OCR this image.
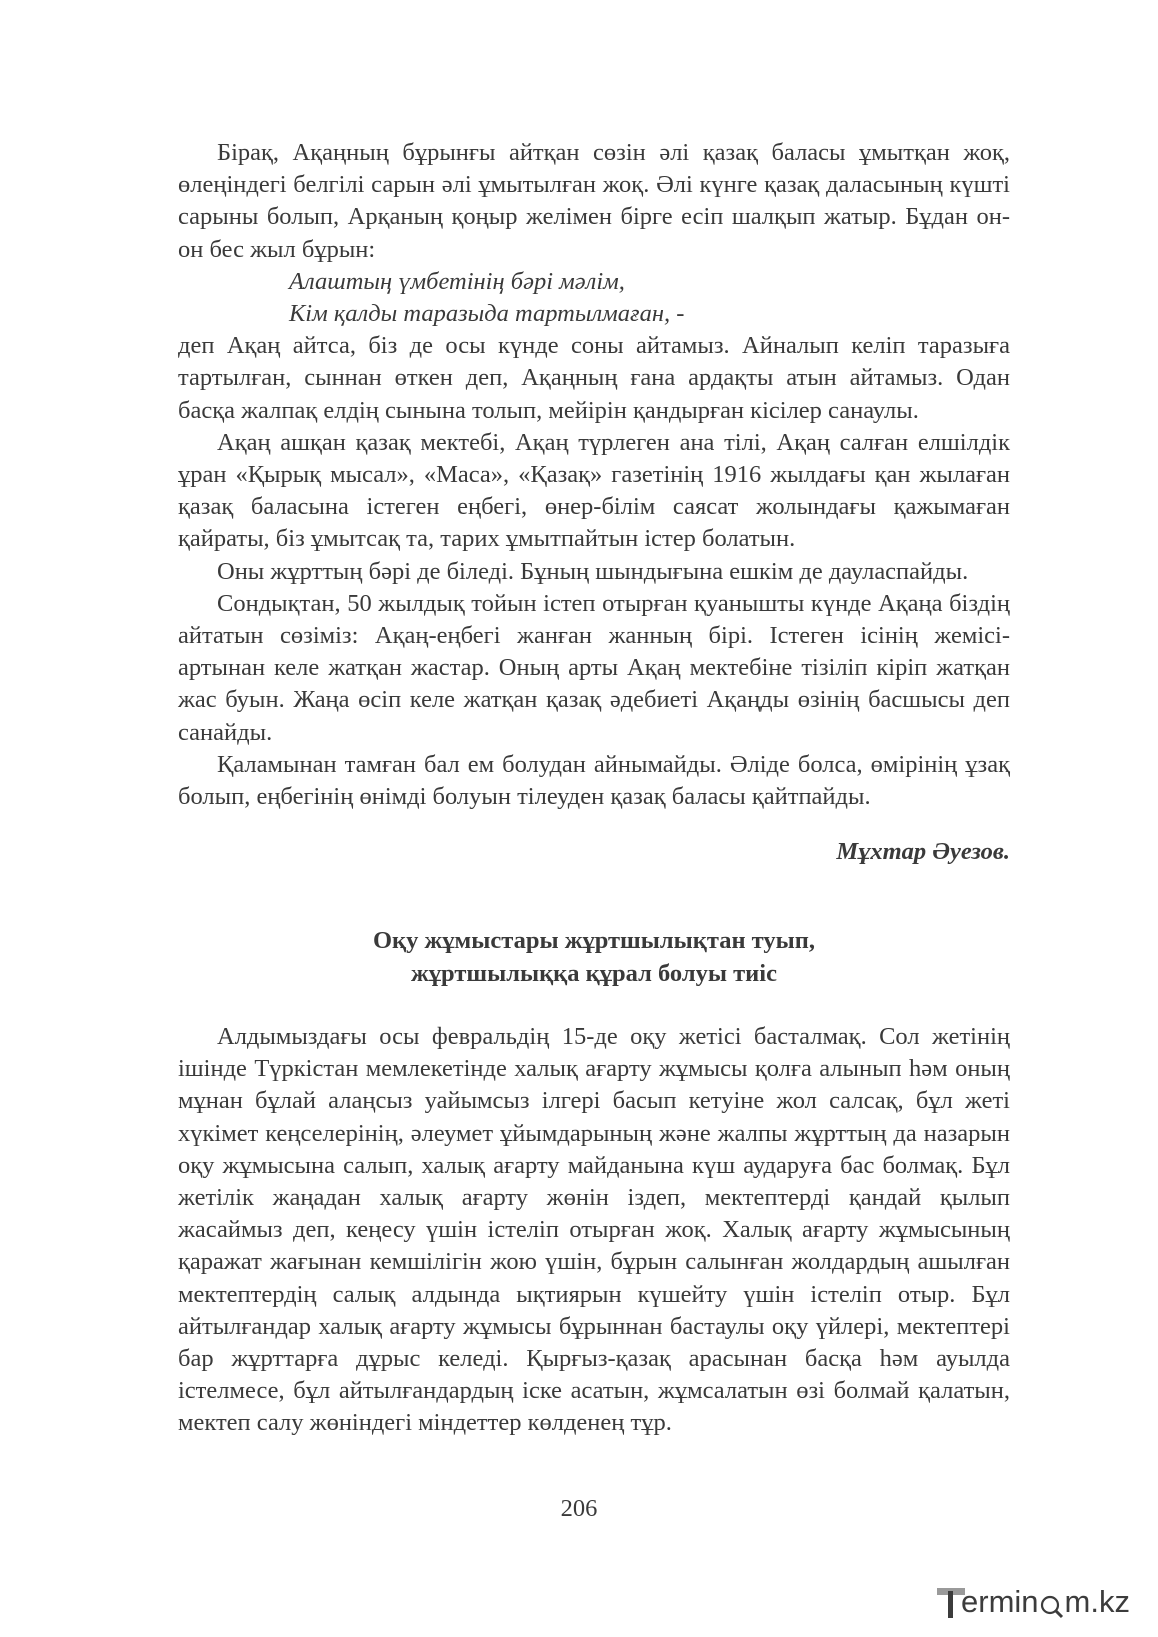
Бірақ, Ақаңның бұрынғы айтқан сөзін әлі қазақ баласы ұмытқан жоқ, өлеңіндегі белгілі сарын әлі ұмытылған жоқ. Әлі күнге қазақ даласының күшті сарыны болып, Арқаның қоңыр желімен бірге есіп шалқып жатыр. Бұдан он-он бес жыл бұрын:

Алаштың үмбетінің бәрі мәлім,

Кім қалды таразыда тартылмаған, -

деп Ақаң айтса, біз де осы күнде соны айтамыз. Айналып келіп таразыға тартылған, сыннан өткен деп, Ақаңның ғана ардақты атын айтамыз. Одан басқа жалпақ елдің сынына толып, мейірін қандырған кісілер санаулы.

Ақаң ашқан қазақ мектебі, Ақаң түрлеген ана тілі, Ақаң салған елшілдік ұран «Қырық мысал», «Маса», «Қазақ» газетінің 1916 жылдағы қан жылаған қазақ баласына істеген еңбегі, өнер-білім саясат жолындағы қажымаған қайраты, біз ұмытсақ та, тарих ұмытпайтын істер болатын.

Оны жұрттың бәрі де біледі. Бұның шындығына ешкім де дауласпайды.

Сондықтан, 50 жылдық тойын істеп отырған қуанышты күнде Ақаңа біздің айтатын сөзіміз: Ақаң-еңбегі жанған жанның бірі. Істеген ісінің жемісі-артынан келе жатқан жастар. Оның арты Ақаң мектебіне тізіліп кіріп жатқан жас буын. Жаңа өсіп келе жатқан қазақ әдебиеті Ақаңды өзінің басшысы деп санайды.

Қаламынан тамған бал ем болудан айнымайды. Әліде болса, өмірінің ұзақ болып, еңбегінің өнімді болуын тілеуден қазақ баласы қайтпайды.

Мұхтар Әуезов.

Оқу жұмыстары жұртшылықтан туып,
жұртшылыққа құрал болуы тиіс

Алдымыздағы осы февральдің 15-де оқу жетісі басталмақ. Сол жетінің ішінде Түркістан мемлекетінде халық ағарту жұмысы қолға алынып һәм оның мұнан бұлай алаңсыз уайымсыз ілгері басып кетуіне жол салсақ, бұл жеті хүкімет кеңселерінің, әлеумет ұйымдарының және жалпы жұрттың да назарын оқу жұмысына салып, халық ағарту майданына күш аударуға бас болмақ. Бұл жетілік жаңадан халық ағарту жөнін іздеп, мектептерді қандай қылып жасаймыз деп, кеңесу үшін істеліп отырған жоқ. Халық ағарту жұмысының қаражат жағынан кемшілігін жою үшін, бұрын салынған жолдардың ашылған мектептердің салық алдында ықтиярын күшейту үшін істеліп отыр. Бұл айтылғандар халық ағарту жұмысы бұрыннан бастаулы оқу үйлері, мектептері бар жұрттарға дұрыс келеді. Қырғыз-қазақ арасынан басқа һәм ауылда істелмесе, бұл айтылғандардың іске асатын, жұмсалатын өзі болмай қалатын, мектеп салу жөніндегі міндеттер көлденең тұр.

206
ermin m.kz
